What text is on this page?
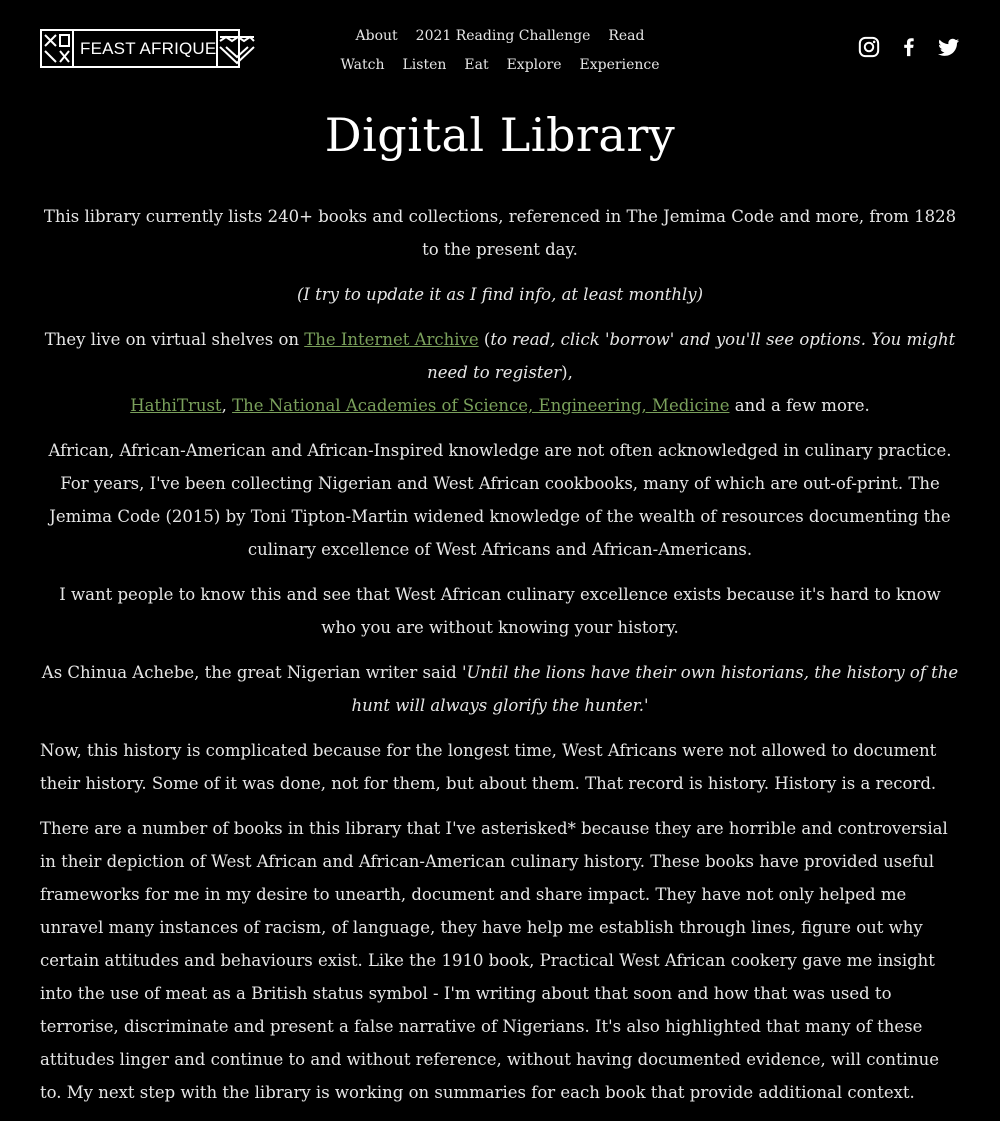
FEAST AFRIQUE
About 2021 Reading Challenge Read
Watch Listen Eat Explore Experience
Digital Library

This library currently lists 240+ books and collections, referenced in The Jemima Code and more, from 1828 to the present day.

(I try to update it as I find info, at least monthly)

They live on virtual shelves on The Internet Archive (to read, click 'borrow' and you'll see options. You might need to register),
HathiTrust, The National Academies of Science, Engineering, Medicine and a few more.

African, African-American and African-Inspired knowledge are not often acknowledged in culinary practice. For years, I've been collecting Nigerian and West African cookbooks, many of which are out-of-print. The Jemima Code (2015) by Toni Tipton-Martin widened knowledge of the wealth of resources documenting the culinary excellence of West Africans and African-Americans.

I want people to know this and see that West African culinary excellence exists because it's hard to know who you are without knowing your history.

As Chinua Achebe, the great Nigerian writer said 'Until the lions have their own historians, the history of the hunt will always glorify the hunter.'

Now, this history is complicated because for the longest time, West Africans were not allowed to document their history. Some of it was done, not for them, but about them. That record is history. History is a record.

There are a number of books in this library that I've asterisked* because they are horrible and controversial in their depiction of West African and African-American culinary history. These books have provided useful frameworks for me in my desire to unearth, document and share impact. They have not only helped me unravel many instances of racism, of language, they have help me establish through lines, figure out why certain attitudes and behaviours exist. Like the 1910 book, Practical West African cookery gave me insight into the use of meat as a British status symbol - I'm writing about that soon and how that was used to terrorise, discriminate and present a false narrative of Nigerians. It's also highlighted that many of these attitudes linger and continue to and without reference, without having documented evidence, will continue to. My next step with the library is working on summaries for each book that provide additional context.
